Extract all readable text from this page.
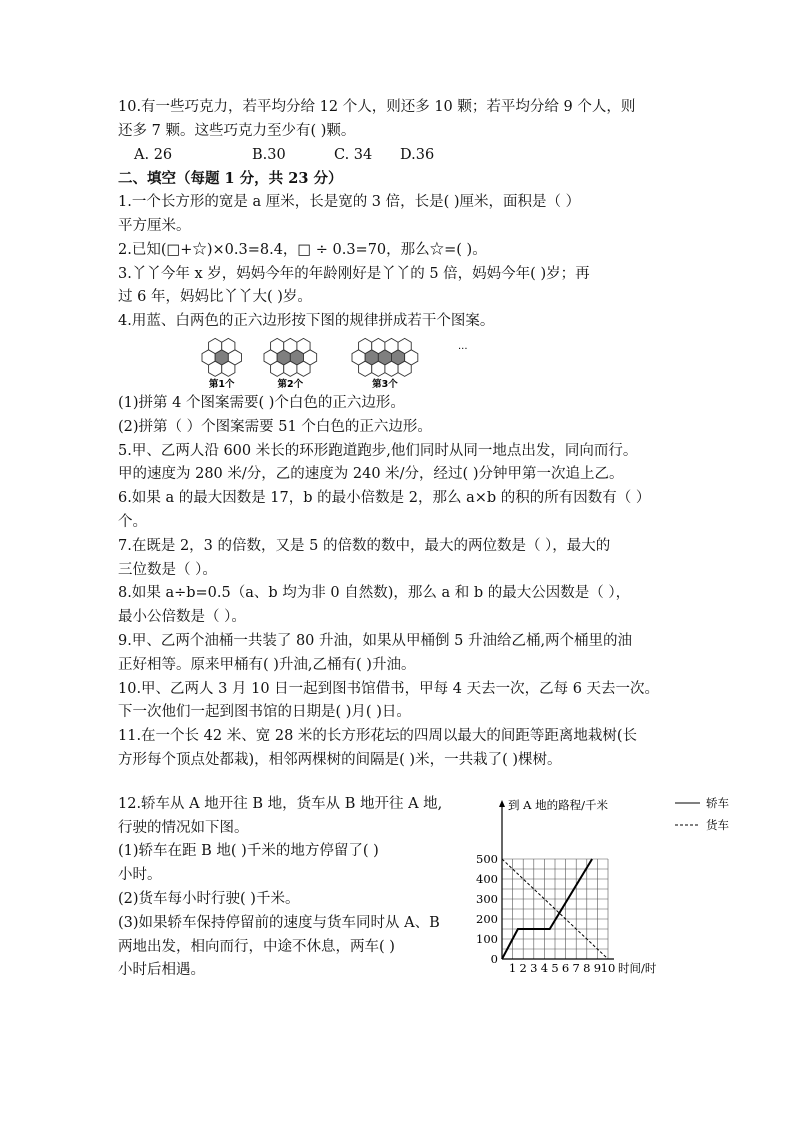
10.有一些巧克力，若平均分给 12 个人，则还多 10 颗；若平均分给 9 个人，则
还多 7 颗。这些巧克力至少有( )颗。
A. 26	B.30	C. 34 D.36
二、填空（每题 1 分，共 23 分）
1.一个长方形的宽是 a 厘米，长是宽的 3 倍，长是( )厘米，面积是（ ）
平方厘米。
2.已知(□+☆)×0.3=8.4，□ ÷ 0.3=70，那么☆=( )。
3.丫丫今年 x 岁，妈妈今年的年龄刚好是丫丫的 5 倍，妈妈今年( )岁；再
过 6 年，妈妈比丫丫大( )岁。
4.用蓝、白两色的正六边形按下图的规律拼成若干个图案。
第1个	第2个	第3个
···
(1)拼第 4 个图案需要( )个白色的正六边形。
(2)拼第（ ）个图案需要 51 个白色的正六边形。
5.甲、乙两人沿 600 米长的环形跑道跑步,他们同时从同一地点出发，同向而行。
甲的速度为 280 米/分，乙的速度为 240 米/分，经过( )分钟甲第一次追上乙。
6.如果 a 的最大因数是 17，b 的最小倍数是 2，那么 a×b 的积的所有因数有（ ）
个。
7.在既是 2，3 的倍数，又是 5 的倍数的数中，最大的两位数是（ ），最大的
三位数是（ ）。
8.如果 a÷b=0.5（a、b 均为非 0 自然数)，那么 a 和 b 的最大公因数是（ ），
最小公倍数是（ ）。
9.甲、乙两个油桶一共装了 80 升油，如果从甲桶倒 5 升油给乙桶,两个桶里的油
正好相等。原来甲桶有( )升油,乙桶有( )升油。
10.甲、乙两人 3 月 10 日一起到图书馆借书，甲每 4 天去一次，乙每 6 天去一次。
下一次他们一起到图书馆的日期是( )月( )日。
11.在一个长 42 米、宽 28 米的长方形花坛的四周以最大的间距等距离地栽树(长
方形每个顶点处都栽)，相邻两棵树的间隔是( )米，一共栽了( )棵树。
12.轿车从 A 地开往 B 地，货车从 B 地开往 A 地,
行驶的情况如下图。
(1)轿车在距 B 地( )千米的地方停留了( )
小时。
(2)货车每小时行驶( )千米。
(3)如果轿车保持停留前的速度与货车同时从 A、B
两地出发，相向而行，中途不休息，两车( )
小时后相遇。
0
100
200
300
400
500
1 2 3 4 5 6 7 8 9 10
到 A 地的路程/千米
时间/时
轿车
货车
